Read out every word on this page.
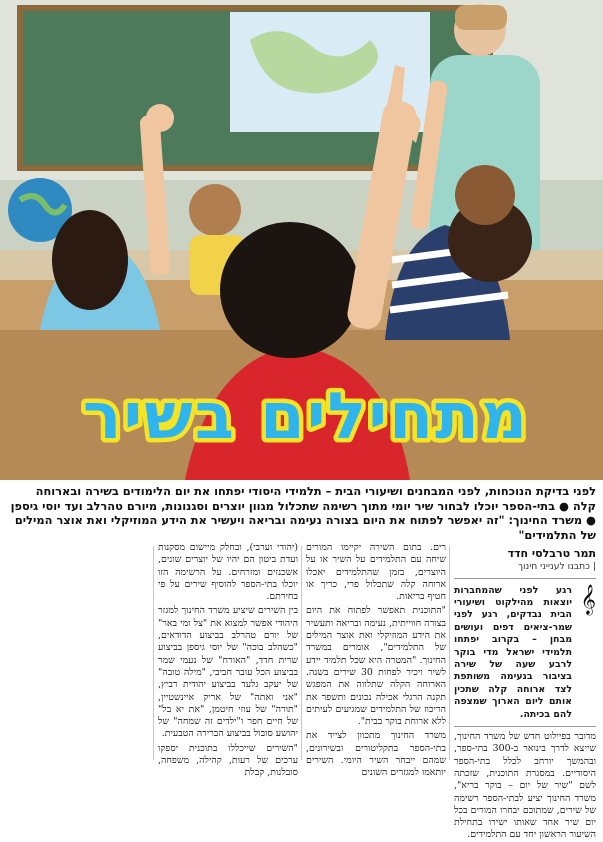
מתחילים בשיר
לפני בדיקת הנוכחות, לפני המבחנים ושיעורי הבית – תלמידי היסודי יפתחו את יום הלימודים בשירה ובארוחה קלה ● בתי-הספר יוכלו לבחור שיר יומי מתוך רשימה שתכלול מגוון יוצרים וסגנונות, מיורם טהרלב ועד יוסי גיספן ● משרד החינוך: "זה יאפשר לפתוח את היום בצורה נעימה ובריאה ויעשיר את הידע המוזיקלי ואת אוצר המילים של התלמידים"
תמר טרבלסי חדד
| כתבנו לענייני חינוך
𝄞
רגע לפני שהמחברות יוצאות מהילקוט ושיעורי הבית נבדקים, רגע לפני שמר-ציאים דפים ועושים מבחן – בקרוב יפתחו תלמידי ישראל מדי בוקר לרבע שעה של שירה בציבור בנעימה משותפת לצד ארוחה קלה שתכין אותם ליום הארוך שמצפה להם בכיתה.

מדובר בפיילוט חדש של משרד החינוך, שייצא לדרך בינואר ב-300 בתי-ספר, ובהמשך יורחב לכלל בתי-הספר היסודיים. במסגרת התוכנית, שזכתה לשם "שיר של יום – בוקר בריא", משרד החינוך יציע לבתי-הספר רשימה של שירים, שמתוכם יבחרו המורים בכל יום שיר אחד שאותו ישירו בתחילת השיעור הראשון יחד עם התלמידים.

רים. בתום השירה יקיימו המורים שיחה עם התלמידים על השיר או על היוצרים, בזמן שהתלמידים יאכלו ארוחה קלה שתכלול פרי, כריך או חטיף בריאות.

"התוכנית תאפשר לפתוח את היום בצורה חווייתית, נעימה ובריאה ותעשיר את הידע המוזיקלי ואת אוצר המילים של התלמידים", אומרים במשרד החינוך. "המטרה היא שכל תלמיד יידע לשיר ויכיר לפחות 30 שירים בשנה. הארוחה הקלה שתלווה את המפגש תקנה הרגלי אכילה נכונים ותשפר את הריכוז של התלמידים שמגיעים לעיתים ללא ארוחת בוקר בבית".

משרד החינוך מתכוון לצייד את בתי-הספר בתקליטורים ובשירונים, שמהם ייבחר השיר היומי. השירים יותאמו למגזרים השונים

(יהודי וערבי), ובחלק מיישום מסקנות ועדת ביטון הם יהיו של יוצרים שונים, אשכנזים ומזרחים. על הרשימה הזו יוכלו בתי-הספר להוסיף שירים על פי בחירתם.

בין השירים שיציע משרד החינוך למגזר היהודי אפשר למצוא את "צל ומי באר" של יורם טהרלב בביצוע הדודאים, "כשהלב בוכה" של יוסי גיספן בביצוע שרית חדד, "האורח" של נעמי שמר בביצוע הכל עובר חביבי, "מילה טובה" של יעקב גלעד בביצוע יהודית רביץ, "אני ואתה" של אריק איינשטיין, "תורה" של עוזי חיטמן, "את יא בל" של חיים חפר ו"ילדים זה שמחה" של יהושע סובול בביצוע הברירה הטבעית.

"השירים שייכללו בתוכנית יספקו ערכים של רעות, קהילה, משפחה, סובלנות, קבלת
